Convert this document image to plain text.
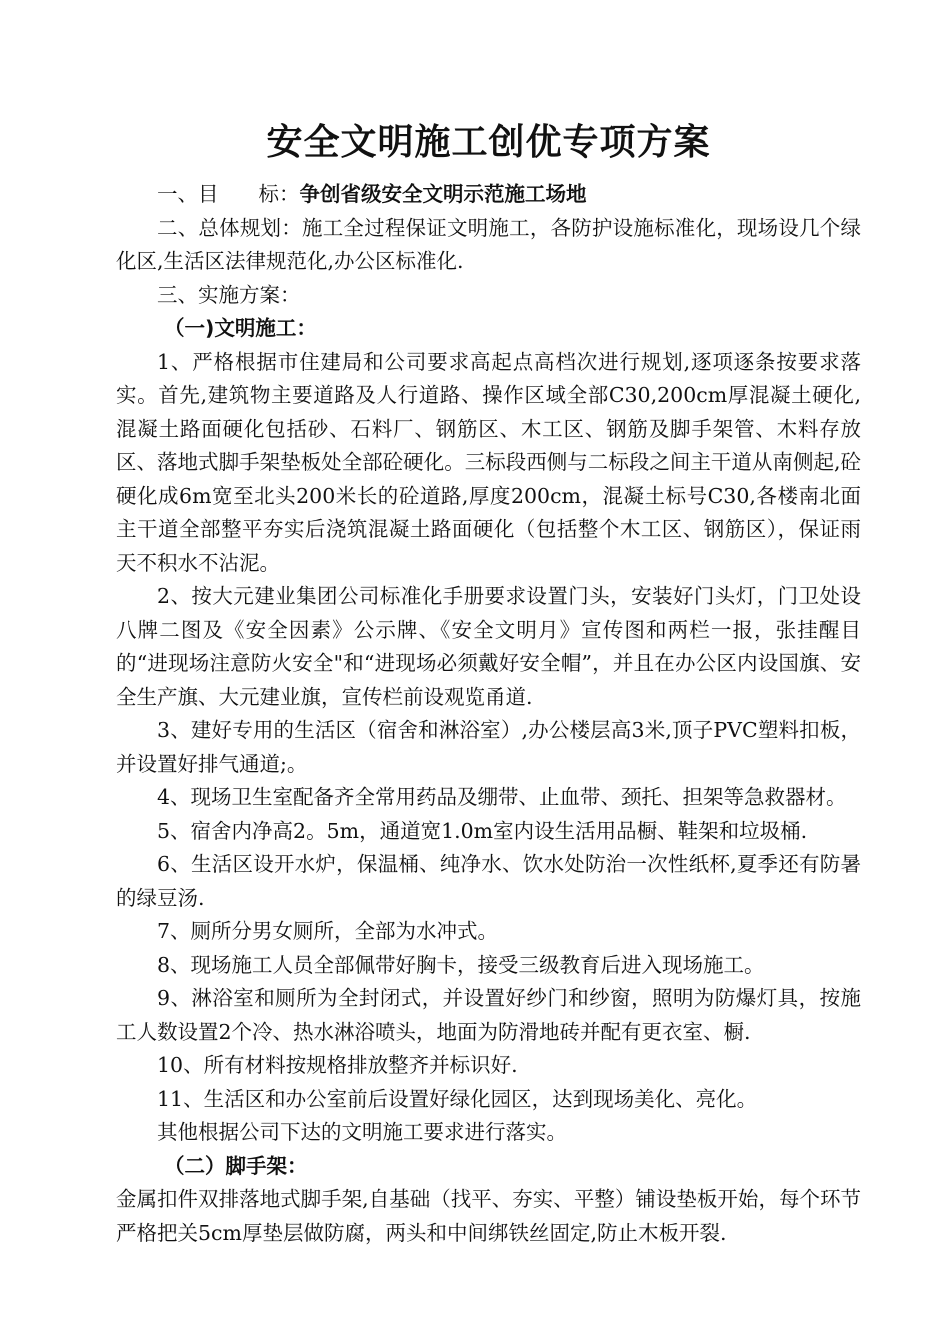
安全文明施工创优专项方案

一、目 标：争创省级安全文明示范施工场地

二、总体规划：施工全过程保证文明施工，各防护设施标准化，现场设几个绿化区,生活区法律规范化,办公区标准化.

三、实施方案：

（一)文明施工：

1、严格根据市住建局和公司要求高起点高档次进行规划,逐项逐条按要求落实。首先,建筑物主要道路及人行道路、操作区域全部C30,200cm厚混凝土硬化,混凝土路面硬化包括砂、石料厂、钢筋区、木工区、钢筋及脚手架管、木料存放区、落地式脚手架垫板处全部砼硬化。三标段西侧与二标段之间主干道从南侧起,砼硬化成6m宽至北头200米长的砼道路,厚度200cm，混凝土标号C30,各楼南北面主干道全部整平夯实后浇筑混凝土路面硬化（包括整个木工区、钢筋区），保证雨天不积水不沾泥。

2、按大元建业集团公司标准化手册要求设置门头，安装好门头灯，门卫处设八牌二图及《安全因素》公示牌、《安全文明月》宣传图和两栏一报，张挂醒目的“进现场注意防火安全"和“进现场必须戴好安全帽”，并且在办公区内设国旗、安全生产旗、大元建业旗，宣传栏前设观览甬道.

3、建好专用的生活区（宿舍和淋浴室）,办公楼层高3米,顶子PVC塑料扣板，并设置好排气通道;。

4、现场卫生室配备齐全常用药品及绷带、止血带、颈托、担架等急救器材。

5、宿舍内净高2。5m，通道宽1.0m室内设生活用品橱、鞋架和垃圾桶.

6、生活区设开水炉，保温桶、纯净水、饮水处防治一次性纸杯,夏季还有防暑的绿豆汤.

7、厕所分男女厕所，全部为水冲式。

8、现场施工人员全部佩带好胸卡，接受三级教育后进入现场施工。

9、淋浴室和厕所为全封闭式，并设置好纱门和纱窗，照明为防爆灯具，按施工人数设置2个冷、热水淋浴喷头，地面为防滑地砖并配有更衣室、橱.

10、所有材料按规格排放整齐并标识好.

11、生活区和办公室前后设置好绿化园区，达到现场美化、亮化。

其他根据公司下达的文明施工要求进行落实。

（二）脚手架：

金属扣件双排落地式脚手架,自基础（找平、夯实、平整）铺设垫板开始，每个环节严格把关5cm厚垫层做防腐，两头和中间绑铁丝固定,防止木板开裂.
